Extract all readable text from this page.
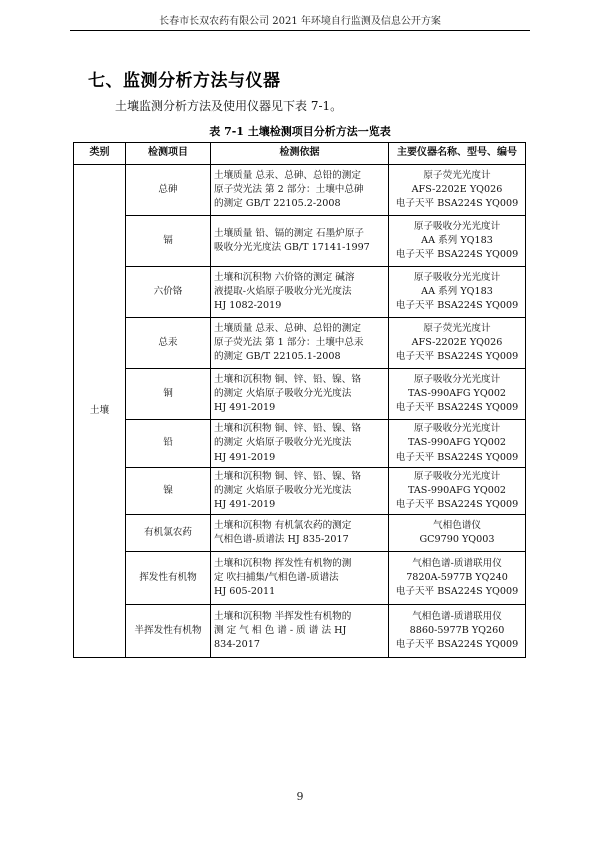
长春市长双农药有限公司 2021 年环境自行监测及信息公开方案
七、监测分析方法与仪器
土壤监测分析方法及使用仪器见下表 7-1。
表 7-1 土壤检测项目分析方法一览表
类别	检测项目	检测依据	主要仪器名称、型号、编号
土壤	总砷	土壤质量 总汞、总砷、总铅的测定
原子荧光法 第 2 部分：土壤中总砷
的测定 GB/T 22105.2-2008	原子荧光光度计
AFS-2202E YQ026
电子天平 BSA224S YQ009

	镉	土壤质量 铅、镉的测定 石墨炉原子
吸收分光光度法 GB/T 17141-1997	原子吸收分光光度计
AA 系列 YQ183
电子天平 BSA224S YQ009

	六价铬	土壤和沉积物 六价铬的测定 碱溶
液提取-火焰原子吸收分光光度法
HJ 1082-2019	原子吸收分光光度计
AA 系列 YQ183
电子天平 BSA224S YQ009

	总汞	土壤质量 总汞、总砷、总铅的测定
原子荧光法 第 1 部分：土壤中总汞
的测定 GB/T 22105.1-2008	原子荧光光度计
AFS-2202E YQ026
电子天平 BSA224S YQ009

	铜	土壤和沉积物 铜、锌、铅、镍、铬
的测定 火焰原子吸收分光光度法
HJ 491-2019	原子吸收分光光度计
TAS-990AFG YQ002
电子天平 BSA224S YQ009

	铅	土壤和沉积物 铜、锌、铅、镍、铬
的测定 火焰原子吸收分光光度法
HJ 491-2019	原子吸收分光光度计
TAS-990AFG YQ002
电子天平 BSA224S YQ009

	镍	土壤和沉积物 铜、锌、铅、镍、铬
的测定 火焰原子吸收分光光度法
HJ 491-2019	原子吸收分光光度计
TAS-990AFG YQ002
电子天平 BSA224S YQ009

	有机氯农药	土壤和沉积物 有机氯农药的测定
气相色谱-质谱法 HJ 835-2017	气相色谱仪
GC9790 YQ003

	挥发性有机物	土壤和沉积物 挥发性有机物的测
定 吹扫捕集/气相色谱-质谱法
HJ 605-2011	气相色谱-质谱联用仪
7820A-5977B YQ240
电子天平 BSA224S YQ009

	半挥发性有机物	土壤和沉积物 半挥发性有机物的
测 定 气 相 色 谱 - 质 谱 法 HJ
834-2017	气相色谱-质谱联用仪
8860-5977B YQ260
电子天平 BSA224S YQ009
9
